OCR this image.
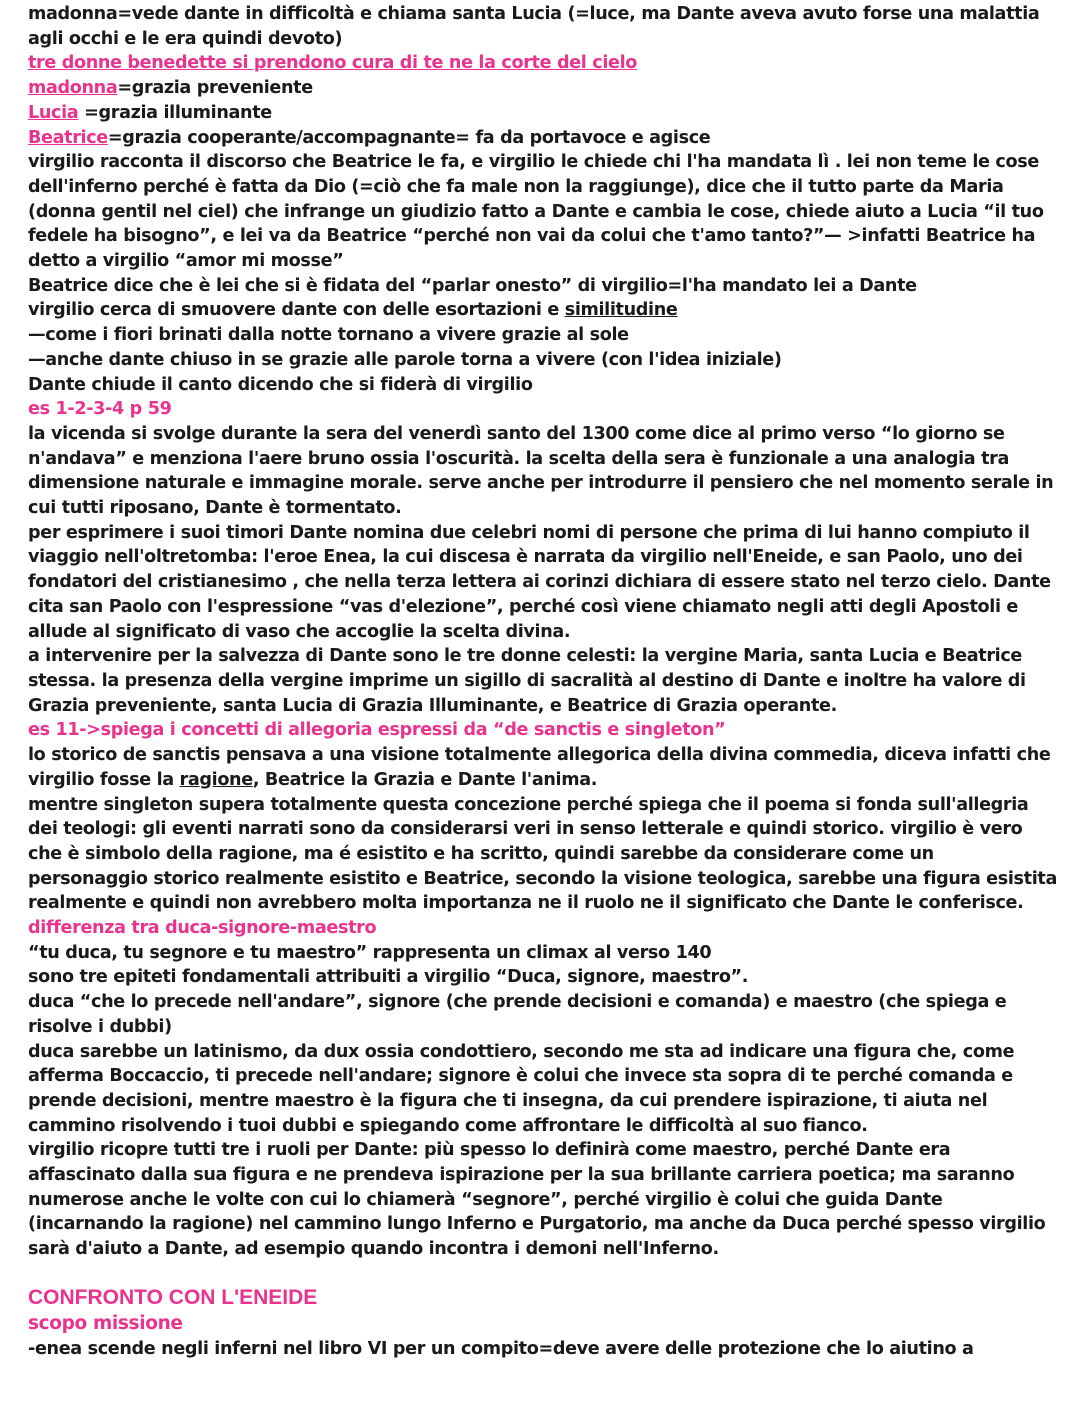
madonna=vede dante in difficoltà e chiama santa Lucia (=luce, ma Dante aveva avuto forse una malattia agli occhi e le era quindi devoto)

tre donne benedette si prendono cura di te ne la corte del cielo

madonna=grazia preveniente

Lucia =grazia illuminante

Beatrice=grazia cooperante/accompagnante= fa da portavoce e agisce

virgilio racconta il discorso che Beatrice le fa, e virgilio le chiede chi l'ha mandata lì . lei non teme le cose dell'inferno perché è fatta da Dio (=ciò che fa male non la raggiunge), dice che il tutto parte da Maria (donna gentil nel ciel) che infrange un giudizio fatto a Dante e cambia le cose, chiede aiuto a Lucia “il tuo fedele ha bisogno”, e lei va da Beatrice “perché non vai da colui che t'amo tanto?”— >infatti Beatrice ha detto a virgilio “amor mi mosse”

Beatrice dice che è lei che si è fidata del “parlar onesto” di virgilio=l'ha mandato lei a Dante

virgilio cerca di smuovere dante con delle esortazioni e similitudine

—come i fiori brinati dalla notte tornano a vivere grazie al sole

—anche dante chiuso in se grazie alle parole torna a vivere (con l'idea iniziale)

Dante chiude il canto dicendo che si fiderà di virgilio

es 1-2-3-4 p 59

la vicenda si svolge durante la sera del venerdì santo del 1300 come dice al primo verso “lo giorno se n'andava” e menziona l'aere bruno ossia l'oscurità. la scelta della sera è funzionale a una analogia tra dimensione naturale e immagine morale. serve anche per introdurre il pensiero che nel momento serale in cui tutti riposano, Dante è tormentato.

per esprimere i suoi timori Dante nomina due celebri nomi di persone che prima di lui hanno compiuto il viaggio nell'oltretomba: l'eroe Enea, la cui discesa è narrata da virgilio nell'Eneide, e san Paolo, uno dei fondatori del cristianesimo , che nella terza lettera ai corinzi dichiara di essere stato nel terzo cielo. Dante cita san Paolo con l'espressione “vas d'elezione”, perché così viene chiamato negli atti degli Apostoli e allude al significato di vaso che accoglie la scelta divina.

a intervenire per la salvezza di Dante sono le tre donne celesti: la vergine Maria, santa Lucia e Beatrice stessa. la presenza della vergine imprime un sigillo di sacralità al destino di Dante e inoltre ha valore di Grazia preveniente, santa Lucia di Grazia Illuminante, e Beatrice di Grazia operante.

es 11->spiega i concetti di allegoria espressi da “de sanctis e singleton”

lo storico de sanctis pensava a una visione totalmente allegorica della divina commedia, diceva infatti che virgilio fosse la ragione, Beatrice la Grazia e Dante l'anima.

mentre singleton supera totalmente questa concezione perché spiega che il poema si fonda sull'allegria dei teologi: gli eventi narrati sono da considerarsi veri in senso letterale e quindi storico. virgilio è vero che è simbolo della ragione, ma é esistito e ha scritto, quindi sarebbe da considerare come un personaggio storico realmente esistito e Beatrice, secondo la visione teologica, sarebbe una figura esistita realmente e quindi non avrebbero molta importanza ne il ruolo ne il significato che Dante le conferisce.

differenza tra duca-signore-maestro

“tu duca, tu segnore e tu maestro” rappresenta un climax al verso 140

sono tre epiteti fondamentali attribuiti a virgilio “Duca, signore, maestro”.

duca “che lo precede nell'andare”, signore (che prende decisioni e comanda) e maestro (che spiega e risolve i dubbi)

duca sarebbe un latinismo, da dux ossia condottiero, secondo me sta ad indicare una figura che, come afferma Boccaccio, ti precede nell'andare; signore è colui che invece sta sopra di te perché comanda e prende decisioni, mentre maestro è la figura che ti insegna, da cui prendere ispirazione, ti aiuta nel cammino risolvendo i tuoi dubbi e spiegando come affrontare le difficoltà al suo fianco.

virgilio ricopre tutti tre i ruoli per Dante: più spesso lo definirà come maestro, perché Dante era affascinato dalla sua figura e ne prendeva ispirazione per la sua brillante carriera poetica; ma saranno numerose anche le volte con cui lo chiamerà “segnore”, perché virgilio è colui che guida Dante (incarnando la ragione) nel cammino lungo Inferno e Purgatorio, ma anche da Duca perché spesso virgilio sarà d'aiuto a Dante, ad esempio quando incontra i demoni nell'Inferno.

CONFRONTO CON L'ENEIDE

scopo missione

-enea scende negli inferni nel libro VI per un compito=deve avere delle protezione che lo aiutino a
